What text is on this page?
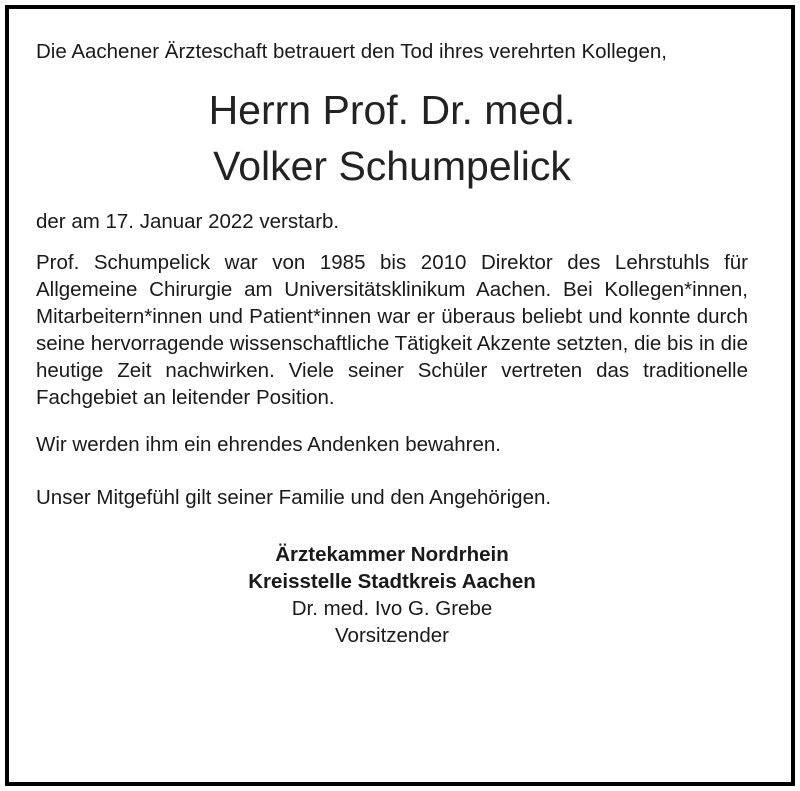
Die Aachener Ärzteschaft betrauert den Tod ihres verehrten Kollegen,

Herrn Prof. Dr. med.
Volker Schumpelick

der am 17. Januar 2022 verstarb.

Prof. Schumpelick war von 1985 bis 2010 Direktor des Lehrstuhls für Allgemeine Chirurgie am Universitätsklinikum Aachen. Bei Kollegen*innen, Mitarbeitern*innen und Patient*innen war er überaus beliebt und konnte durch seine hervorragende wissenschaftliche Tätigkeit Akzente setzten, die bis in die heutige Zeit nachwirken. Viele seiner Schüler vertreten das traditionelle Fachgebiet an leitender Position.

Wir werden ihm ein ehrendes Andenken bewahren.

Unser Mitgefühl gilt seiner Familie und den Angehörigen.

Ärztekammer Nordrhein
Kreisstelle Stadtkreis Aachen
Dr. med. Ivo G. Grebe
Vorsitzender
